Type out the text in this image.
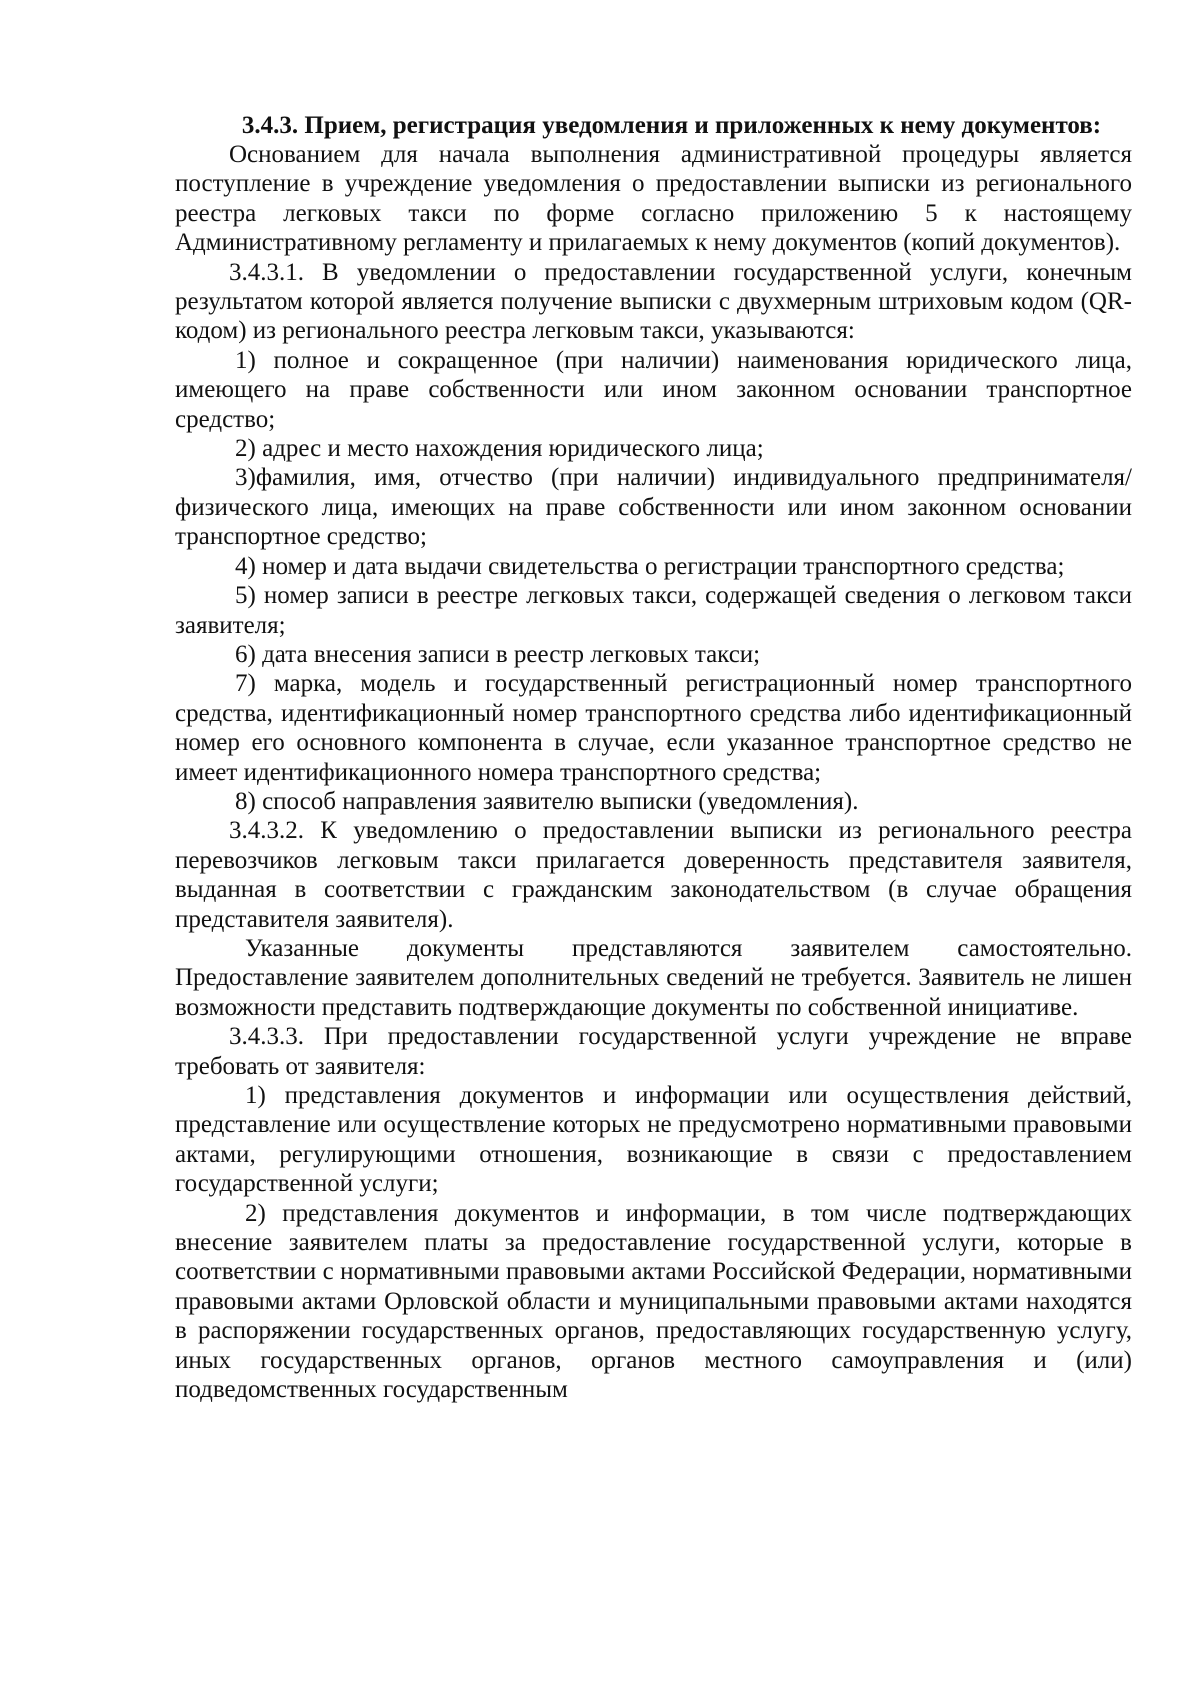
3.4.3. Прием, регистрация уведомления и приложенных к нему документов:

Основанием для начала выполнения административной процедуры является поступление в учреждение уведомления о предоставлении выписки из регионального реестра легковых такси по форме согласно приложению 5 к настоящему Административному регламенту и прилагаемых к нему документов (копий документов).

3.4.3.1. В уведомлении о предоставлении государственной услуги, конечным результатом которой является получение выписки с двухмерным штриховым кодом (QR-кодом) из регионального реестра легковым такси, указываются:

1) полное и сокращенное (при наличии) наименования юридического лица, имеющего на праве собственности или ином законном основании транспортное средство;

2) адрес и место нахождения юридического лица;

3)фамилия, имя, отчество (при наличии) индивидуального предпринимателя/физического лица, имеющих на праве собственности или ином законном основании транспортное средство;

4) номер и дата выдачи свидетельства о регистрации транспортного средства;

5) номер записи в реестре легковых такси, содержащей сведения о легковом такси заявителя;

6) дата внесения записи в реестр легковых такси;

7) марка, модель и государственный регистрационный номер транспортного средства, идентификационный номер транспортного средства либо идентификационный номер его основного компонента в случае, если указанное транспортное средство не имеет идентификационного номера транспортного средства;

8) способ направления заявителю выписки (уведомления).

3.4.3.2. К уведомлению о предоставлении выписки из регионального реестра перевозчиков легковым такси прилагается доверенность представителя заявителя, выданная в соответствии с гражданским законодательством (в случае обращения представителя заявителя).

Указанные документы представляются заявителем самостоятельно. Предоставление заявителем дополнительных сведений не требуется. Заявитель не лишен возможности представить подтверждающие документы по собственной инициативе.

3.4.3.3. При предоставлении государственной услуги учреждение не вправе требовать от заявителя:

1) представления документов и информации или осуществления действий, представление или осуществление которых не предусмотрено нормативными правовыми актами, регулирующими отношения, возникающие в связи с предоставлением государственной услуги;

2) представления документов и информации, в том числе подтверждающих внесение заявителем платы за предоставление государственной услуги, которые в соответствии с нормативными правовыми актами Российской Федерации, нормативными правовыми актами Орловской области и муниципальными правовыми актами находятся в распоряжении государственных органов, предоставляющих государственную услугу, иных государственных органов, органов местного самоуправления и (или) подведомственных государственным
